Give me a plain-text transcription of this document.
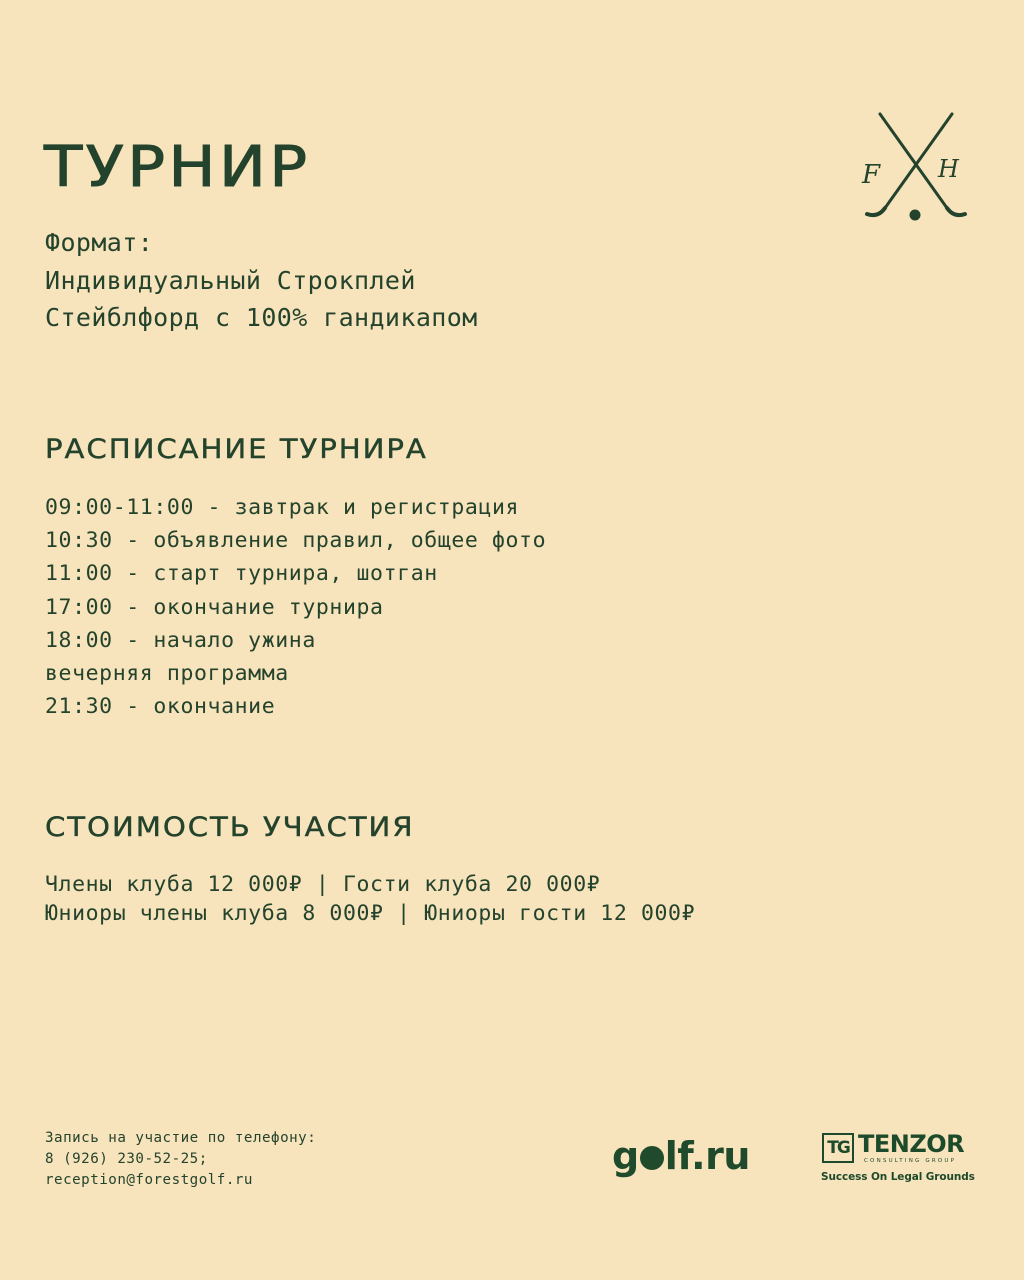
ТУРНИР	F H
Формат:
Индивидуальный Строкплей
Стейблфорд с 100% гандикапом
РАСПИСАНИЕ ТУРНИРА
09:00-11:00 - завтрак и регистрация
10:30 - объявление правил, общее фото
11:00 - старт турнира, шотган
17:00 - окончание турнира
18:00 - начало ужина
вечерняя программа
21:30 - окончание
СТОИМОСТЬ УЧАСТИЯ
Члены клуба 12 000₽ | Гости клуба 20 000₽
Юниоры члены клуба 8 000₽ | Юниоры гости 12 000₽
Запись на участие по телефону:
8 (926) 230-52-25;
reception@forestgolf.ru
g lf.ru	TG TENZOR
CONSULTING GROUP
Success On Legal Grounds
